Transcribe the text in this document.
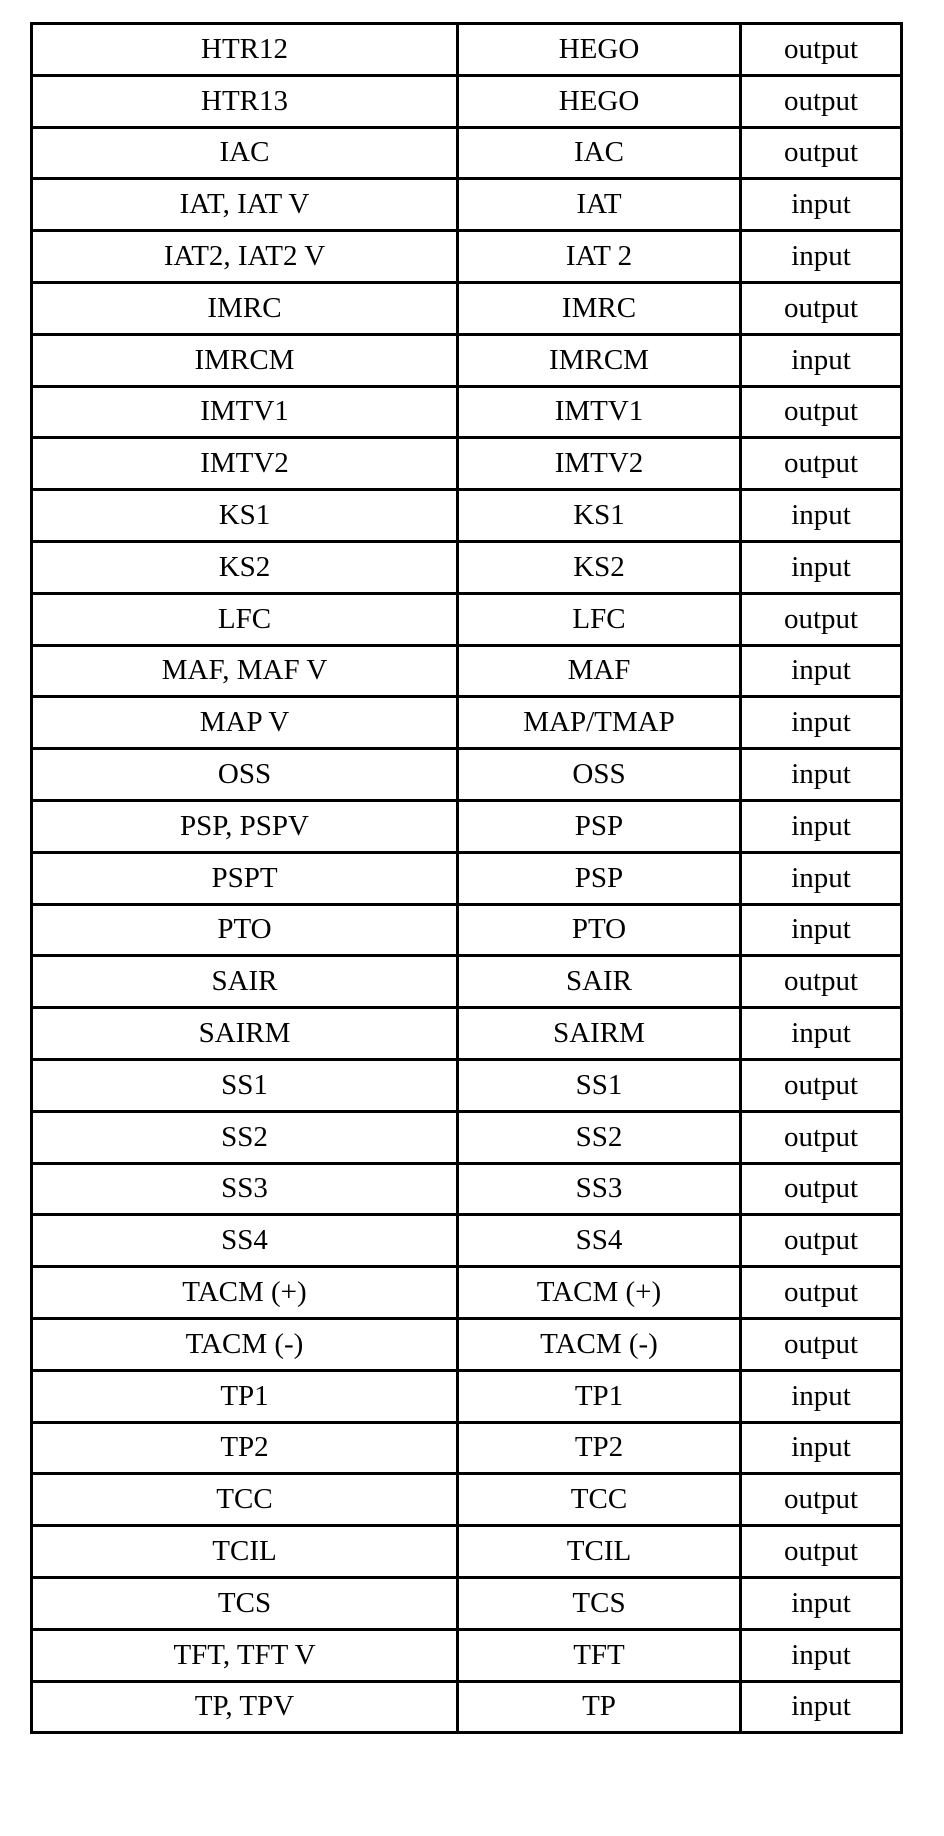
HTR12	HEGO	output
HTR13	HEGO	output
IAC	IAC	output
IAT, IAT V	IAT	input
IAT2, IAT2 V	IAT 2	input
IMRC	IMRC	output
IMRCM	IMRCM	input
IMTV1	IMTV1	output
IMTV2	IMTV2	output
KS1	KS1	input
KS2	KS2	input
LFC	LFC	output
MAF, MAF V	MAF	input
MAP V	MAP/TMAP	input
OSS	OSS	input
PSP, PSPV	PSP	input
PSPT	PSP	input
PTO	PTO	input
SAIR	SAIR	output
SAIRM	SAIRM	input
SS1	SS1	output
SS2	SS2	output
SS3	SS3	output
SS4	SS4	output
TACM (+)	TACM (+)	output
TACM (-)	TACM (-)	output
TP1	TP1	input
TP2	TP2	input
TCC	TCC	output
TCIL	TCIL	output
TCS	TCS	input
TFT, TFT V	TFT	input
TP, TPV	TP	input
